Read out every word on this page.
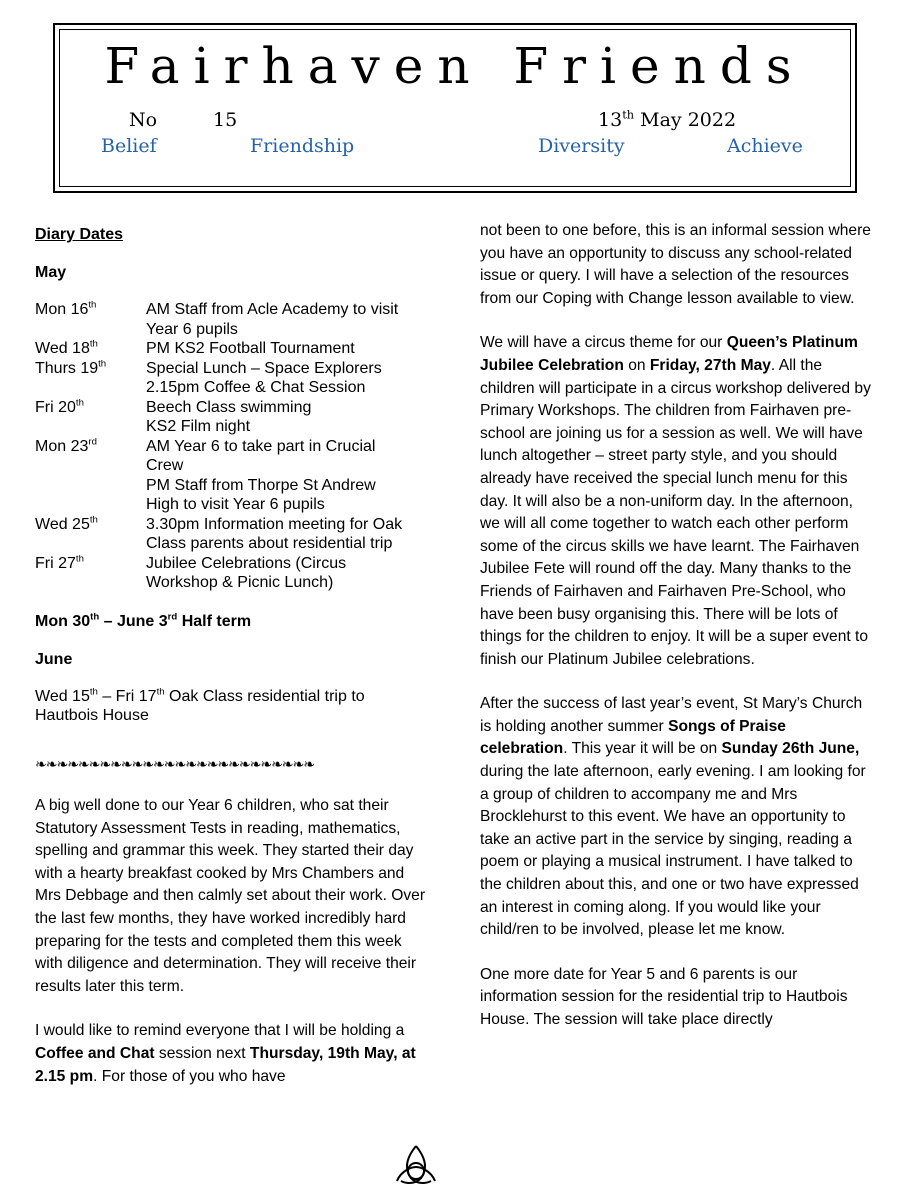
Fairhaven Friends
No	15	13th May 2022
Belief	Friendship	Diversity	Achieve

Diary Dates

May

Mon 16th	AM Staff from Acle Academy to visit
Year 6 pupils
Wed 18th	PM KS2 Football Tournament
Thurs 19th Special Lunch – Space Explorers
2.15pm Coffee & Chat Session
Fri 20th	Beech Class swimming
KS2 Film night
Mon 23rd	AM Year 6 to take part in Crucial
Crew
PM Staff from Thorpe St Andrew
High to visit Year 6 pupils
Wed 25th	3.30pm Information meeting for Oak
Class parents about residential trip
Fri 27th	Jubilee Celebrations (Circus
Workshop & Picnic Lunch)

Mon 30th – June 3rd Half term

June

Wed 15th – Fri 17th Oak Class residential trip to
Hautbois House
❧❧❧❧❧❧❧❧❧❧❧❧❧❧❧❧❧❧❧❧❧❧❧❧❧❧

A big well done to our Year 6 children, who sat their Statutory Assessment Tests in reading, mathematics, spelling and grammar this week. They started their day with a hearty breakfast cooked by Mrs Chambers and Mrs Debbage and then calmly set about their work. Over the last few months, they have worked incredibly hard preparing for the tests and completed them this week with diligence and determination. They will receive their results later this term.

I would like to remind everyone that I will be holding a Coffee and Chat session next Thursday, 19th May, at 2.15 pm. For those of you who have

not been to one before, this is an informal session where you have an opportunity to discuss any school-related issue or query. I will have a selection of the resources from our Coping with Change lesson available to view.

We will have a circus theme for our Queen’s Platinum Jubilee Celebration on Friday, 27th May. All the children will participate in a circus workshop delivered by Primary Workshops. The children from Fairhaven pre-school are joining us for a session as well. We will have lunch altogether – street party style, and you should already have received the special lunch menu for this day. It will also be a non-uniform day. In the afternoon, we will all come together to watch each other perform some of the circus skills we have learnt. The Fairhaven Jubilee Fete will round off the day. Many thanks to the Friends of Fairhaven and Fairhaven Pre-School, who have been busy organising this. There will be lots of things for the children to enjoy. It will be a super event to finish our Platinum Jubilee celebrations.

After the success of last year’s event, St Mary’s Church is holding another summer Songs of Praise celebration. This year it will be on Sunday 26th June, during the late afternoon, early evening. I am looking for a group of children to accompany me and Mrs Brocklehurst to this event. We have an opportunity to take an active part in the service by singing, reading a poem or playing a musical instrument. I have talked to the children about this, and one or two have expressed an interest in coming along. If you would like your child/ren to be involved, please let me know.

One more date for Year 5 and 6 parents is our information session for the residential trip to Hautbois House. The session will take place directly
